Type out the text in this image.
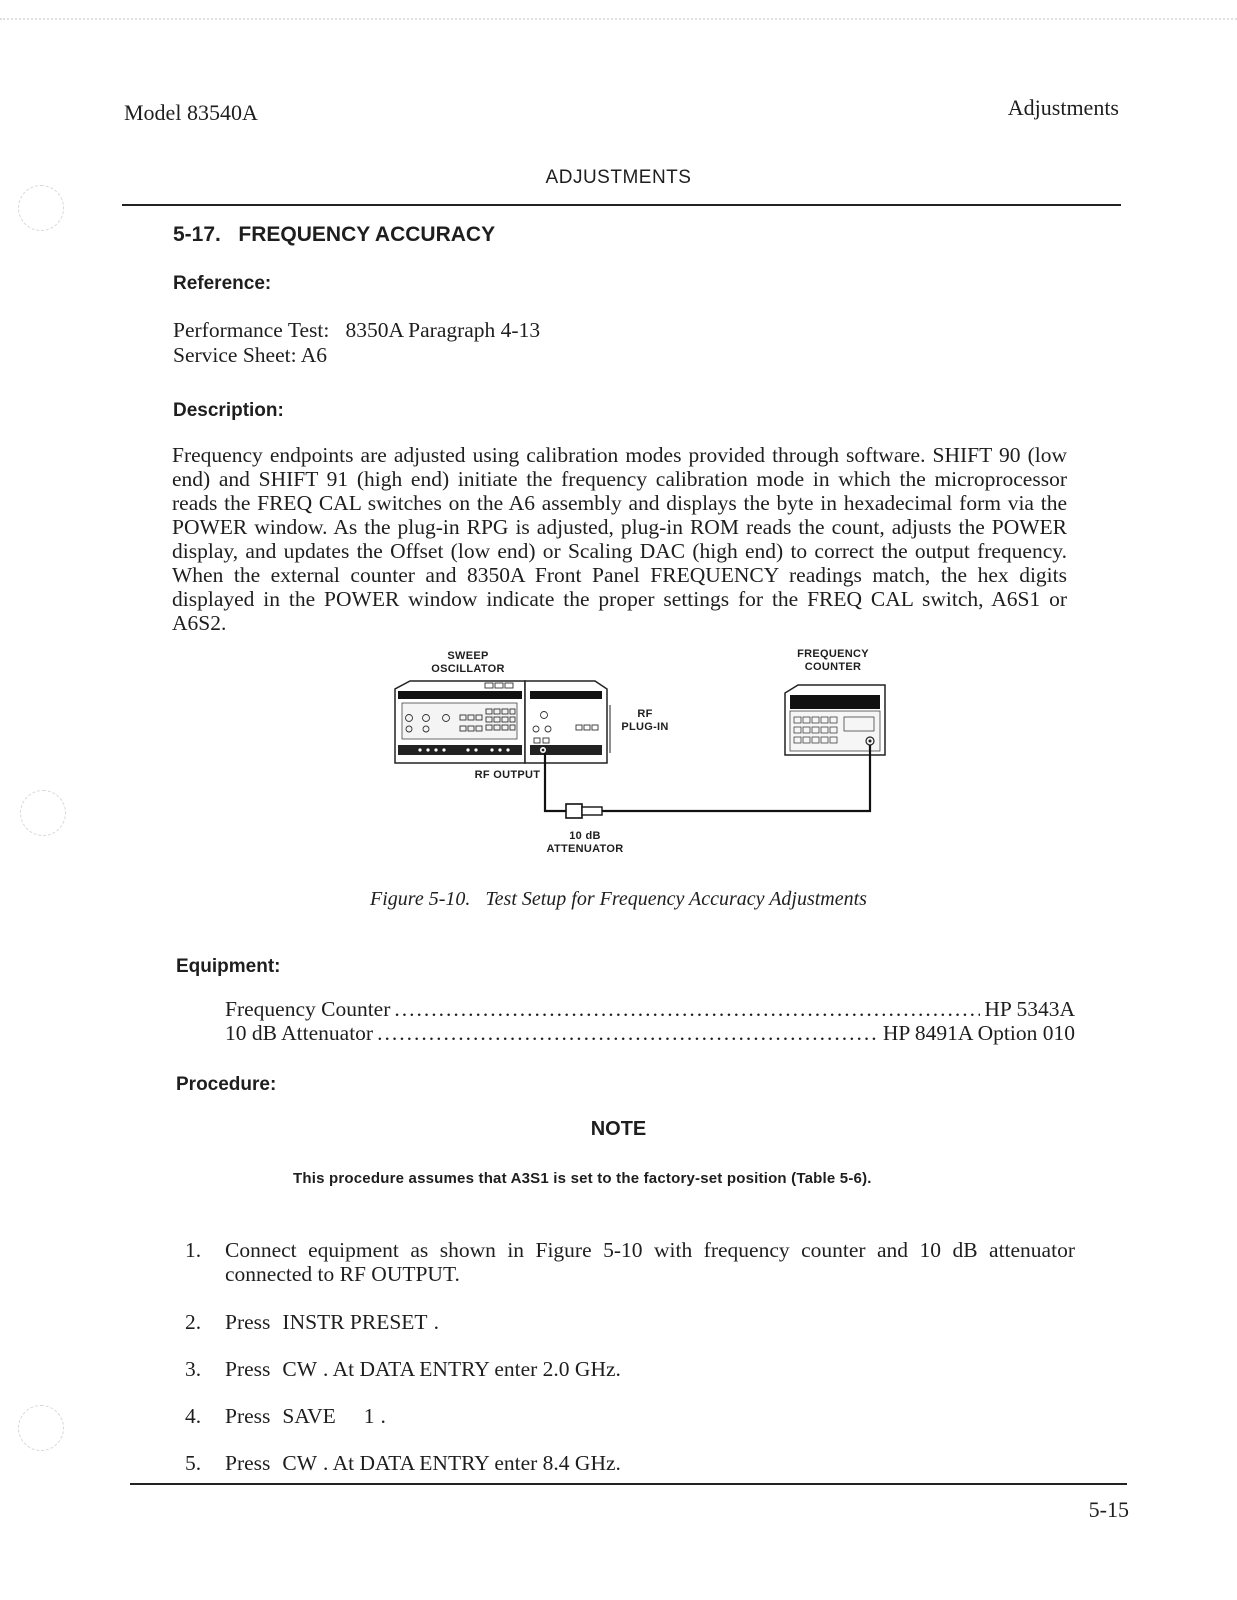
Model 83540A	Adjustments
ADJUSTMENTS
5-17. FREQUENCY ACCURACY
Reference:
Performance Test: 8350A Paragraph 4-13
Service Sheet: A6
Description:
Frequency endpoints are adjusted using calibration modes provided through software. SHIFT 90 (low end) and SHIFT 91 (high end) initiate the frequency calibration mode in which the microprocessor reads the FREQ CAL switches on the A6 assembly and displays the byte in hexadecimal form via the POWER window. As the plug-in RPG is adjusted, plug-in ROM reads the count, adjusts the POWER display, and updates the Offset (low end) or Scaling DAC (high end) to correct the output frequency. When the external counter and 8350A Front Panel FREQUENCY readings match, the hex digits displayed in the POWER window indicate the proper settings for the FREQ CAL switch, A6S1 or A6S2.
SWEEP
OSCILLATOR
FREQUENCY
COUNTER
RF
PLUG-IN
RF OUTPUT
10 dB
ATTENUATOR
Figure 5-10.   Test Setup for Frequency Accuracy Adjustments
Equipment:
Frequency Counter .....	HP 5343A
10 dB Attenuator .....	HP 8491A Option 010
Procedure:
NOTE
This procedure assumes that A3S1 is set to the factory-set position (Table 5-6).
1. Connect equipment as shown in Figure 5-10 with frequency counter and 10 dB attenuator connected to RF OUTPUT.
2. Press INSTR PRESET .
3. Press CW . At DATA ENTRY enter 2.0 GHz.
4. Press SAVE 1 .
5. Press CW . At DATA ENTRY enter 8.4 GHz.
5-15
